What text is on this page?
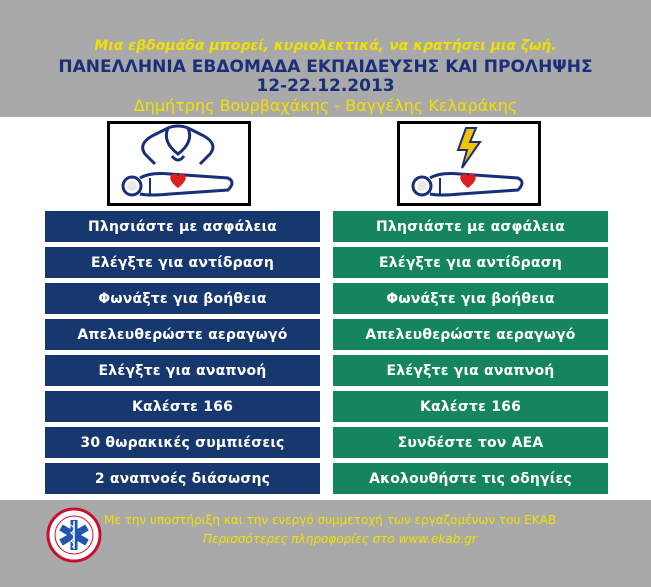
Μια εβδομάδα μπορεί, κυριολεκτικά, να κρατήσει μια ζωή.
ΠΑΝΕΛΛΗΝΙΑ ΕΒΔΟΜΑΔΑ ΕΚΠΑΙΔΕΥΣΗΣ ΚΑΙ ΠΡΟΛΗΨΗΣ
12-22.12.2013
Δημήτρης Βουρβαχάκης - Βαγγέλης Κελαράκης
Πλησιάστε με ασφάλεια
Ελέγξτε για αντίδραση
Φωνάξτε για βοήθεια
Απελευθερώστε αεραγωγό
Ελέγξτε για αναπνοή
Καλέστε 166
30 θωρακικές συμπιέσεις
2 αναπνοές διάσωσης
Πλησιάστε με ασφάλεια
Ελέγξτε για αντίδραση
Φωνάξτε για βοήθεια
Απελευθερώστε αεραγωγό
Ελέγξτε για αναπνοή
Καλέστε 166
Συνδέστε τον AEA
Ακολουθήστε τις οδηγίες
Με την υποστήριξη και την ενεργό συμμετοχή των εργαζομένων του ΕΚΑΒ
Περισσότερες πληροφορίες στο www.ekab.gr
